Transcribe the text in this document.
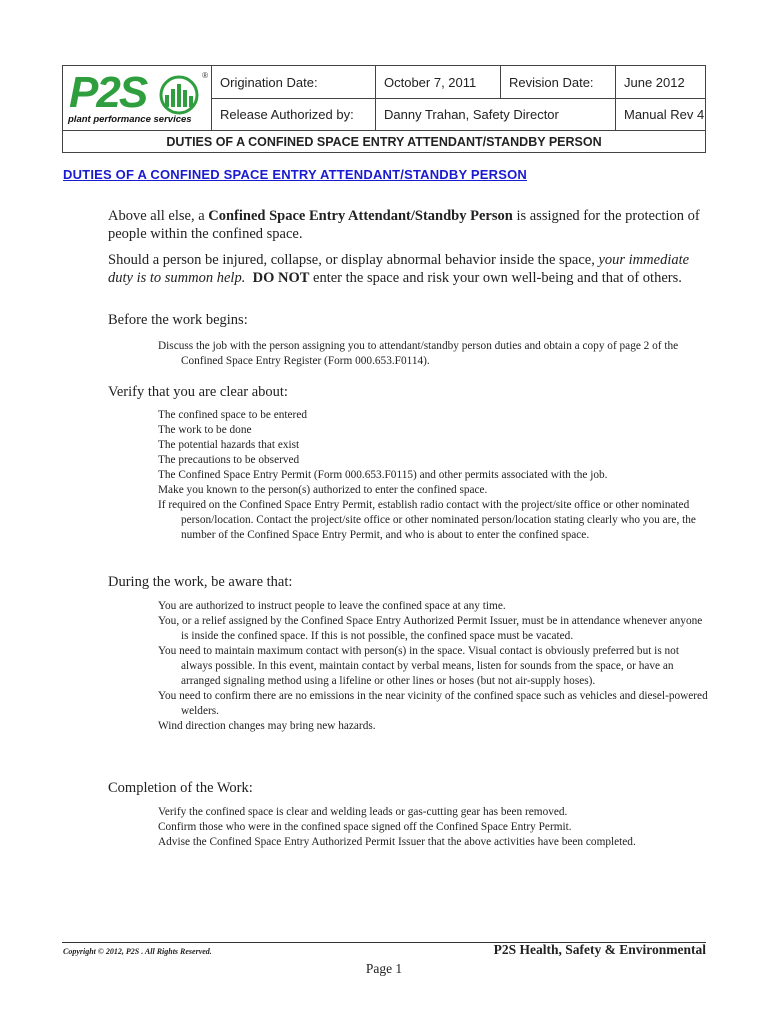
P2S ®
plant performance services	Origination Date:	October 7, 2011	Revision Date:	June 2012
	Release Authorized by:	Danny Trahan, Safety Director		Manual Rev 4
DUTIES OF A CONFINED SPACE ENTRY ATTENDANT/STANDBY PERSON				
DUTIES OF A CONFINED SPACE ENTRY ATTENDANT/STANDBY PERSON

Above all else, a Confined Space Entry Attendant/Standby Person is assigned for the protection of people within the confined space.

Should a person be injured, collapse, or display abnormal behavior inside the space, your immediate duty is to summon help. DO NOT enter the space and risk your own well-being and that of others.

Before the work begins:
Discuss the job with the person assigning you to attendant/standby person duties and obtain a copy of page 2 of the Confined Space Entry Register (Form 000.653.F0114).
Verify that you are clear about:
The confined space to be entered
The work to be done
The potential hazards that exist
The precautions to be observed
The Confined Space Entry Permit (Form 000.653.F0115) and other permits associated with the job.
Make you known to the person(s) authorized to enter the confined space.
If required on the Confined Space Entry Permit, establish radio contact with the project/site office or other nominated person/location. Contact the project/site office or other nominated person/location stating clearly who you are, the number of the Confined Space Entry Permit, and who is about to enter the confined space.
During the work, be aware that:
You are authorized to instruct people to leave the confined space at any time.
You, or a relief assigned by the Confined Space Entry Authorized Permit Issuer, must be in attendance whenever anyone is inside the confined space. If this is not possible, the confined space must be vacated.
You need to maintain maximum contact with person(s) in the space. Visual contact is obviously preferred but is not always possible. In this event, maintain contact by verbal means, listen for sounds from the space, or have an arranged signaling method using a lifeline or other lines or hoses (but not air-supply hoses).
You need to confirm there are no emissions in the near vicinity of the confined space such as vehicles and diesel-powered welders.
Wind direction changes may bring new hazards.
Completion of the Work:
Verify the confined space is clear and welding leads or gas-cutting gear has been removed.
Confirm those who were in the confined space signed off the Confined Space Entry Permit.
Advise the Confined Space Entry Authorized Permit Issuer that the above activities have been completed.
Copyright © 2012, P2S . All Rights Reserved.	P2S Health, Safety & Environmental
Page 1
